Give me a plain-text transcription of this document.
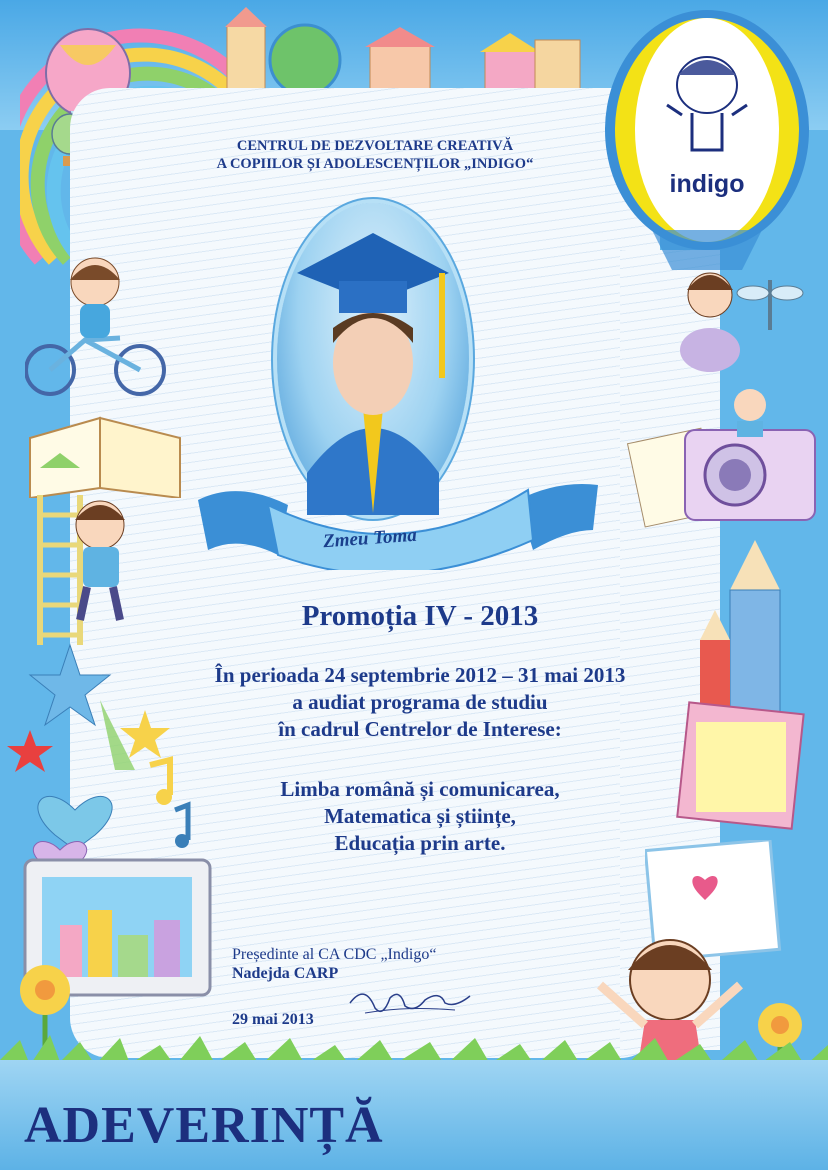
indigo
Zmeu Toma
CENTRUL DE DEZVOLTARE CREATIVĂ
A COPIILOR ȘI ADOLESCENȚILOR „INDIGO“
Promoția IV - 2013
În perioada 24 septembrie 2012 – 31 mai 2013
a audiat programa de studiu
în cadrul Centrelor de Interese:
Limba română și comunicarea,
Matematica și științe,
Educația prin arte.
Președinte al CA CDC „Indigo“
Nadejda CARP
29 mai 2013
ADEVERINȚĂ
